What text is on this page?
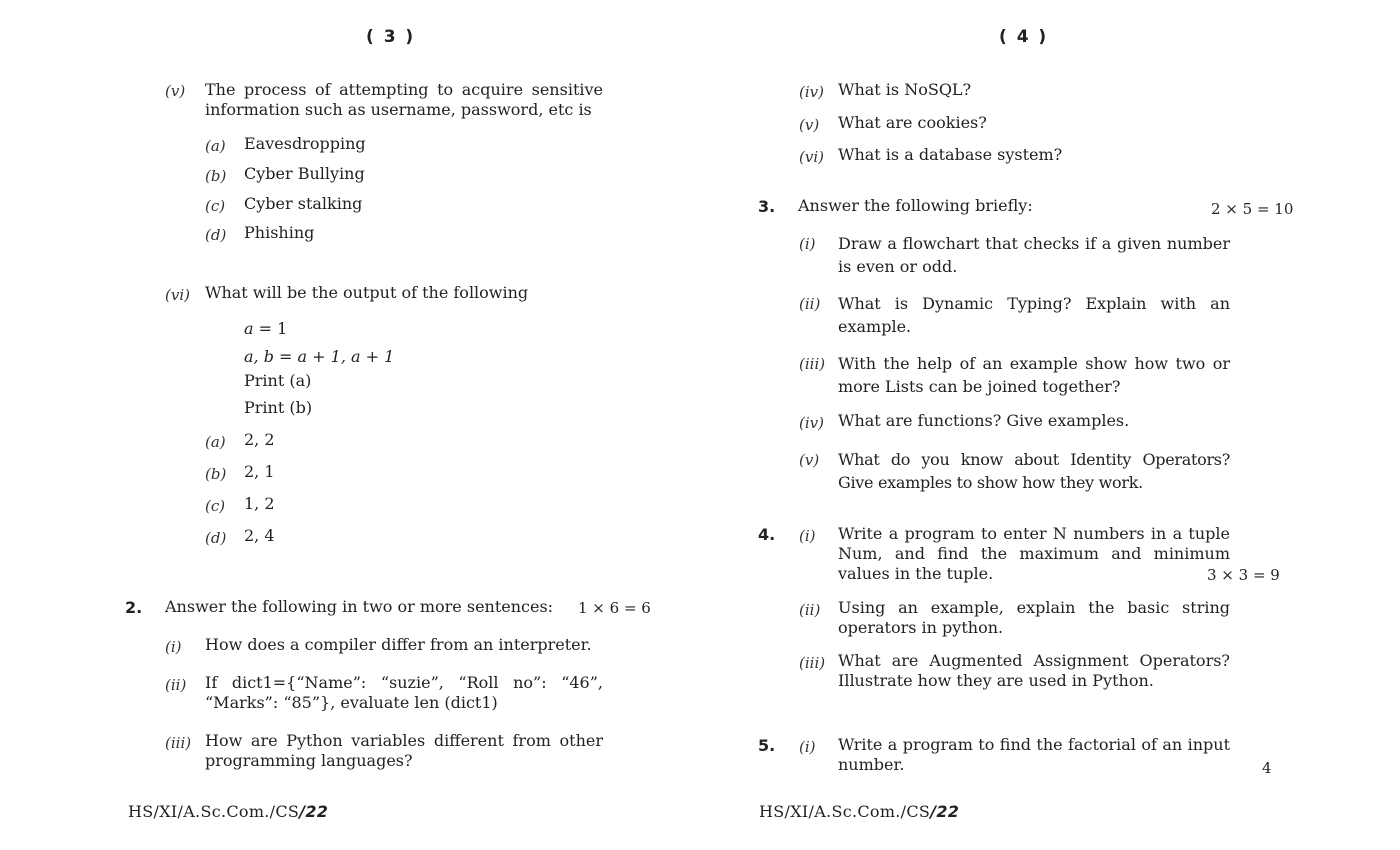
( 3 )
(v) The process of attempting to acquire sensitive information such as username, password, etc is
(a) Eavesdropping
(b) Cyber Bullying
(c) Cyber stalking
(d) Phishing
(vi) What will be the output of the following
a = 1
a, b = a + 1, a + 1
Print (a)
Print (b)
(a) 2, 2
(b) 2, 1
(c) 1, 2
(d) 2, 4
2. Answer the following in two or more sentences: 1 × 6 = 6
(i) How does a compiler differ from an interpreter.
(ii) If dict1={“Name”: “suzie”, “Roll no”: “46”, “Marks”: “85”}, evaluate len (dict1)
(iii) How are Python variables different from other programming languages?
HS/XI/A.Sc.Com./CS/22
( 4 )
(iv) What is NoSQL?
(v) What are cookies?
(vi) What is a database system?
3. Answer the following briefly:	2 × 5 = 10
(i) Draw a flowchart that checks if a given number is even or odd.
(ii) What is Dynamic Typing? Explain with an example.
(iii) With the help of an example show how two or more Lists can be joined together?
(iv) What are functions? Give examples.
(v) What do you know about Identity Operators? Give examples to show how they work.
4. (i) Write a program to enter N numbers in a tuple Num, and find the maximum and minimum values in the tuple.	3 × 3 = 9
(ii) Using an example, explain the basic string operators in python.
(iii) What are Augmented Assignment Operators? Illustrate how they are used in Python.
5. (i) Write a program to find the factorial of an input number.	4
HS/XI/A.Sc.Com./CS/22
